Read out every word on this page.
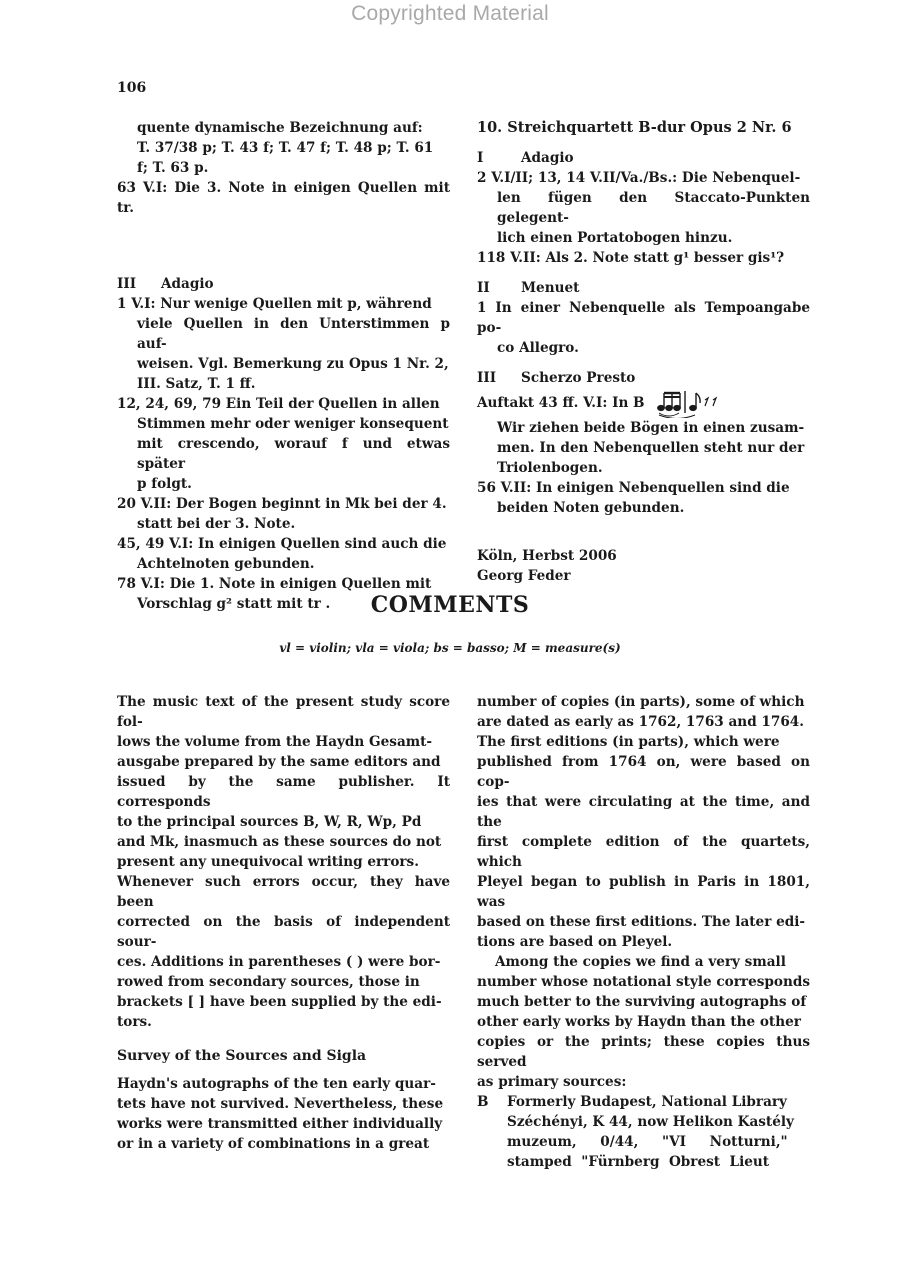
Copyrighted Material
106
quente dynamische Bezeichnung auf:
T. 37/38 p; T. 43 f; T. 47 f; T. 48 p; T. 61
f; T. 63 p.
63 V.I: Die 3. Note in einigen Quellen mit tr.
III	Adagio
1 V.I: Nur wenige Quellen mit p, während
viele Quellen in den Unterstimmen p auf-
weisen. Vgl. Bemerkung zu Opus 1 Nr. 2,
III. Satz, T. 1 ff.
12, 24, 69, 79 Ein Teil der Quellen in allen
Stimmen mehr oder weniger konsequent
mit crescendo, worauf f und etwas später
p folgt.
20 V.II: Der Bogen beginnt in Mk bei der 4.
statt bei der 3. Note.
45, 49 V.I: In einigen Quellen sind auch die
Achtelnoten gebunden.
78 V.I: Die 1. Note in einigen Quellen mit
Vorschlag g² statt mit tr .
10. Streichquartett B-dur Opus 2 Nr. 6
I	Adagio
2 V.I/II; 13, 14 V.II/Va./Bs.: Die Nebenquel-
len fügen den Staccato-Punkten gelegent-
lich einen Portatobogen hinzu.
118 V.II: Als 2. Note statt g¹ besser gis¹?
II	Menuet
1 In einer Nebenquelle als Tempoangabe po-
co Allegro.
III	Scherzo Presto
Auftakt 43 ff. V.I: In B
Wir ziehen beide Bögen in einen zusam-
men. In den Nebenquellen steht nur der
Triolenbogen.
56 V.II: In einigen Nebenquellen sind die
beiden Noten gebunden.
Köln, Herbst 2006
Georg Feder
COMMENTS
vl = violin; vla = viola; bs = basso; M = measure(s)
The music text of the present study score fol-
lows the volume from the Haydn Gesamt-
ausgabe prepared by the same editors and
issued by the same publisher. It corresponds
to the principal sources B, W, R, Wp, Pd
and Mk, inasmuch as these sources do not
present any unequivocal writing errors.
Whenever such errors occur, they have been
corrected on the basis of independent sour-
ces. Additions in parentheses ( ) were bor-
rowed from secondary sources, those in
brackets [ ] have been supplied by the edi-
tors.
Survey of the Sources and Sigla
Haydn's autographs of the ten early quar-
tets have not survived. Nevertheless, these
works were transmitted either individually
or in a variety of combinations in a great
number of copies (in parts), some of which
are dated as early as 1762, 1763 and 1764.
The first editions (in parts), which were
published from 1764 on, were based on cop-
ies that were circulating at the time, and the
first complete edition of the quartets, which
Pleyel began to publish in Paris in 1801, was
based on these first editions. The later edi-
tions are based on Pleyel.
Among the copies we find a very small
number whose notational style corresponds
much better to the surviving autographs of
other early works by Haydn than the other
copies or the prints; these copies thus served
as primary sources:
B	Formerly Budapest, National Library
Széchényi, K 44, now Helikon Kastély
muzeum,     0/44,     "VI     Notturni,"
stamped  "Fürnberg  Obrest  Lieut
